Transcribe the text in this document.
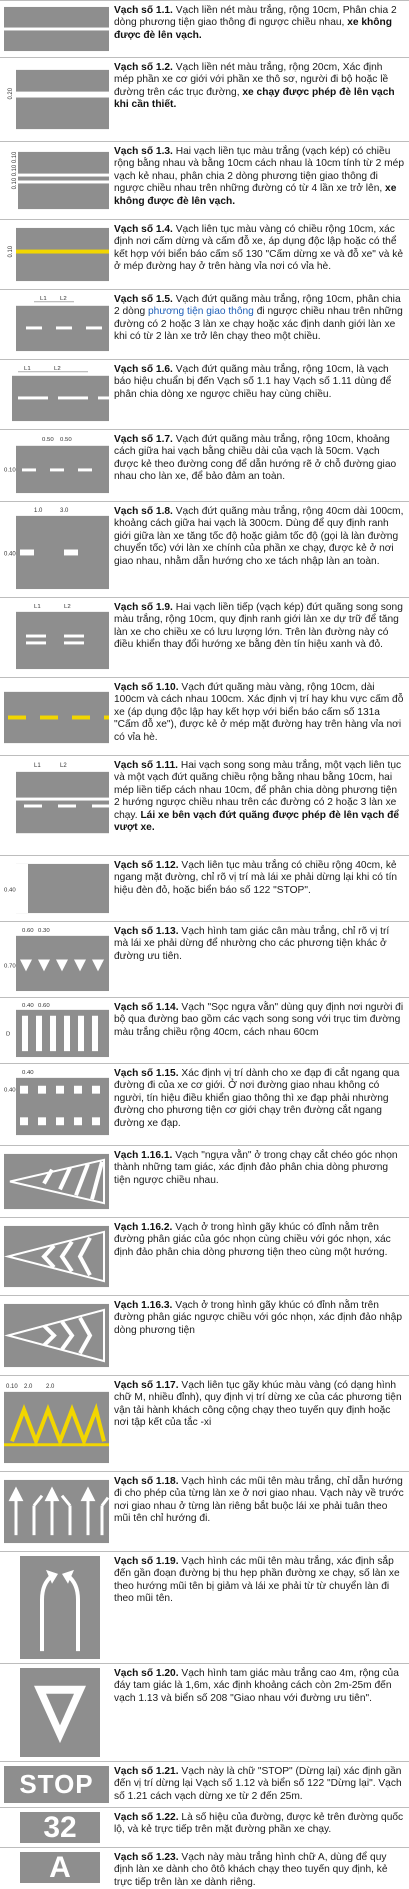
Vạch số 1.1. Vạch liền nét màu trắng, rộng 10cm, Phân chia 2 dòng phương tiện giao thông đi ngược chiều nhau, xe không được đè lên vạch.
0.20
Vạch số 1.2. Vạch liền nét màu trắng, rộng 20cm, Xác định mép phần xe cơ giới với phần xe thô sơ, người đi bộ hoặc lề đường trên các trục đường, xe chạy được phép đè lên vạch khi cần thiết.
0.10 0.10 0.10
Vạch số 1.3. Hai vạch liền tục màu trắng (vạch kép) có chiều rộng bằng nhau và bằng 10cm cách nhau là 10cm tính từ 2 mép vạch kẻ nhau, phân chia 2 dòng phương tiện giao thông đi ngược chiều nhau trên những đường có từ 4 lần xe trở lên, xe không được đè lên vạch.
0.10
Vạch số 1.4. Vạch liên tục màu vàng có chiều rộng 10cm, xác định nơi cấm dừng và cấm đỗ xe, áp dụng độc lập hoặc có thể kết hợp với biển báo cấm số 130 "Cấm dừng xe và đỗ xe" và kẻ ở mép đường hay ở trên hàng vỉa nơi có vỉa hè.
L1 L2	Vạch số 1.5. Vạch đứt quãng màu trắng, rộng 10cm, phân chia 2 dòng phương tiện giao thông đi ngược chiều nhau trên những đường có 2 hoặc 3 làn xe chạy hoặc xác định danh giới làn xe khi có từ 2 làn xe trở lên chạy theo một chiều.
L1	L2	Vạch số 1.6. Vạch đứt quãng màu trắng, rộng 10cm, là vạch báo hiệu chuẩn bị đến Vạch số 1.1 hay Vạch số 1.11 dùng để phân chia dòng xe ngược chiều hay cùng chiều.
0.50 0.50
0.10
Vạch số 1.7. Vạch đứt quãng màu trắng, rộng 10cm, khoảng cách giữa hai vạch bằng chiều dài của vạch là 50cm. Vạch được kẻ theo đường cong để dẫn hướng rẽ ở chỗ đường giao nhau cho làn xe, để bảo đảm an toàn.
1.0	3.0
0.40
Vạch số 1.8. Vạch đứt quãng màu trắng, rộng 40cm dài 100cm, khoảng cách giữa hai vạch là 300cm. Dùng để quy định ranh giới giữa làn xe tăng tốc độ hoặc giảm tốc độ (gọi là làn đường chuyển tốc) với làn xe chính của phần xe chạy, được kẻ ở nơi giao nhau, nhằm dẫn hướng cho xe tách nhập làn an toàn.
L1	L2	Vạch số 1.9. Hai vạch liền tiếp (vạch kép) đứt quãng song song màu trắng, rộng 10cm, quy định ranh giới làn xe dự trữ để tăng làn xe cho chiều xe có lưu lượng lớn. Trên làn đường này có điều khiển thay đổi hướng xe bằng đèn tín hiệu xanh và đỏ.
Vạch số 1.10. Vạch đứt quãng màu vàng, rộng 10cm, dài 100cm và cách nhau 100cm. Xác định vị trí hay khu vực cấm đỗ xe (áp dụng độc lập hay kết hợp với biển báo cấm số 131a "Cấm đỗ xe"), được kẻ ở mép mặt đường hay trên hàng vỉa nơi có vỉa hè.
L1	L2	Vạch số 1.11. Hai vạch song song màu trắng, một vạch liên tục và một vạch đứt quãng chiều rộng bằng nhau bằng 10cm, hai mép liền tiếp cách nhau 10cm, để phân chia dòng phương tiện 2 hướng ngược chiều nhau trên các đường có 2 hoặc 3 làn xe chạy. Lái xe bên vạch đứt quãng được phép đè lên vạch để vượt xe.
0.40
Vạch số 1.12. Vạch liên tục màu trắng có chiều rộng 40cm, kẻ ngang mặt đường, chỉ rõ vị trí mà lái xe phải dừng lại khi có tín hiệu đèn đỏ, hoặc biển báo số 122 "STOP".
0.60 0.30
0.70
Vạch số 1.13. Vạch hình tam giác cân màu trắng, chỉ rõ vị trí mà lái xe phải dừng để nhường cho các phương tiện khác ở đường ưu tiên.
0.40 0.60
D
Vạch số 1.14. Vạch "Sọc ngựa vằn" dùng quy định nơi người đi bộ qua đường bao gồm các vạch song song với trục tim đường màu trắng chiều rộng 40cm, cách nhau 60cm
0.40
0.40
Vạch số 1.15. Xác định vị trí dành cho xe đạp đi cắt ngang qua đường đi của xe cơ giới. Ở nơi đường giao nhau không có người, tín hiệu điều khiển giao thông thì xe đạp phải nhường đường cho phương tiện cơ giới chạy trên đường cắt ngang đường xe đạp.
Vạch 1.16.1. Vạch "ngựa vằn" ở trong chạy cắt chéo góc nhọn thành những tam giác, xác định đảo phân chia dòng phương tiện ngược chiều nhau.
Vạch 1.16.2. Vạch ở trong hình gãy khúc có đỉnh nằm trên đường phân giác của góc nhọn cùng chiều với góc nhọn, xác định đảo phân chia dòng phương tiện theo cùng một hướng.
Vạch 1.16.3. Vạch ở trong hình gãy khúc có đỉnh nằm trên đường phân giác ngược chiều với góc nhọn, xác định đảo nhập dòng phương tiện
0.10 2.0 2.0	Vạch số 1.17. Vạch liên tục gãy khúc màu vàng (có dạng hình chữ M, nhiều đỉnh), quy định vị trí dừng xe của các phương tiện vận tải hành khách công cộng chạy theo tuyến quy định hoặc nơi tập kết của tắc -xi
Vạch số 1.18. Vạch hình các mũi tên màu trắng, chỉ dẫn hướng đi cho phép của từng làn xe ở nơi giao nhau. Vạch này về trước nơi giao nhau ở từng làn riêng bắt buộc lái xe phải tuân theo mũi tên chỉ hướng đi.
Vạch số 1.19. Vạch hình các mũi tên màu trắng, xác định sắp đến gần đoạn đường bị thu hẹp phần đường xe chạy, số làn xe theo hướng mũi tên bị giảm và lái xe phải từ từ chuyển làn đi theo mũi tên.
Vạch số 1.20. Vạch hình tam giác màu trắng cao 4m, rộng của đáy tam giác là 1,6m, xác định khoảng cách còn 2m-25m đến vạch 1.13 và biển số 208 "Giao nhau với đường ưu tiên".
STOP Vạch số 1.21. Vạch này là chữ "STOP" (Dừng lại) xác định gần đến vị trí dừng lại Vạch số 1.12 và biển số 122 "Dừng lại". Vạch số 1.21 cách vạch dừng xe từ 2 đến 25m.
32	Vạch số 1.22. Là số hiệu của đường, được kẻ trên đường quốc lộ, và kẻ trực tiếp trên mặt đường phần xe chạy.
A	Vạch số 1.23. Vạch này màu trắng hình chữ A, dùng để quy định làn xe dành cho ôtô khách chạy theo tuyến quy định, kẻ trực tiếp trên làn xe dành riêng.
